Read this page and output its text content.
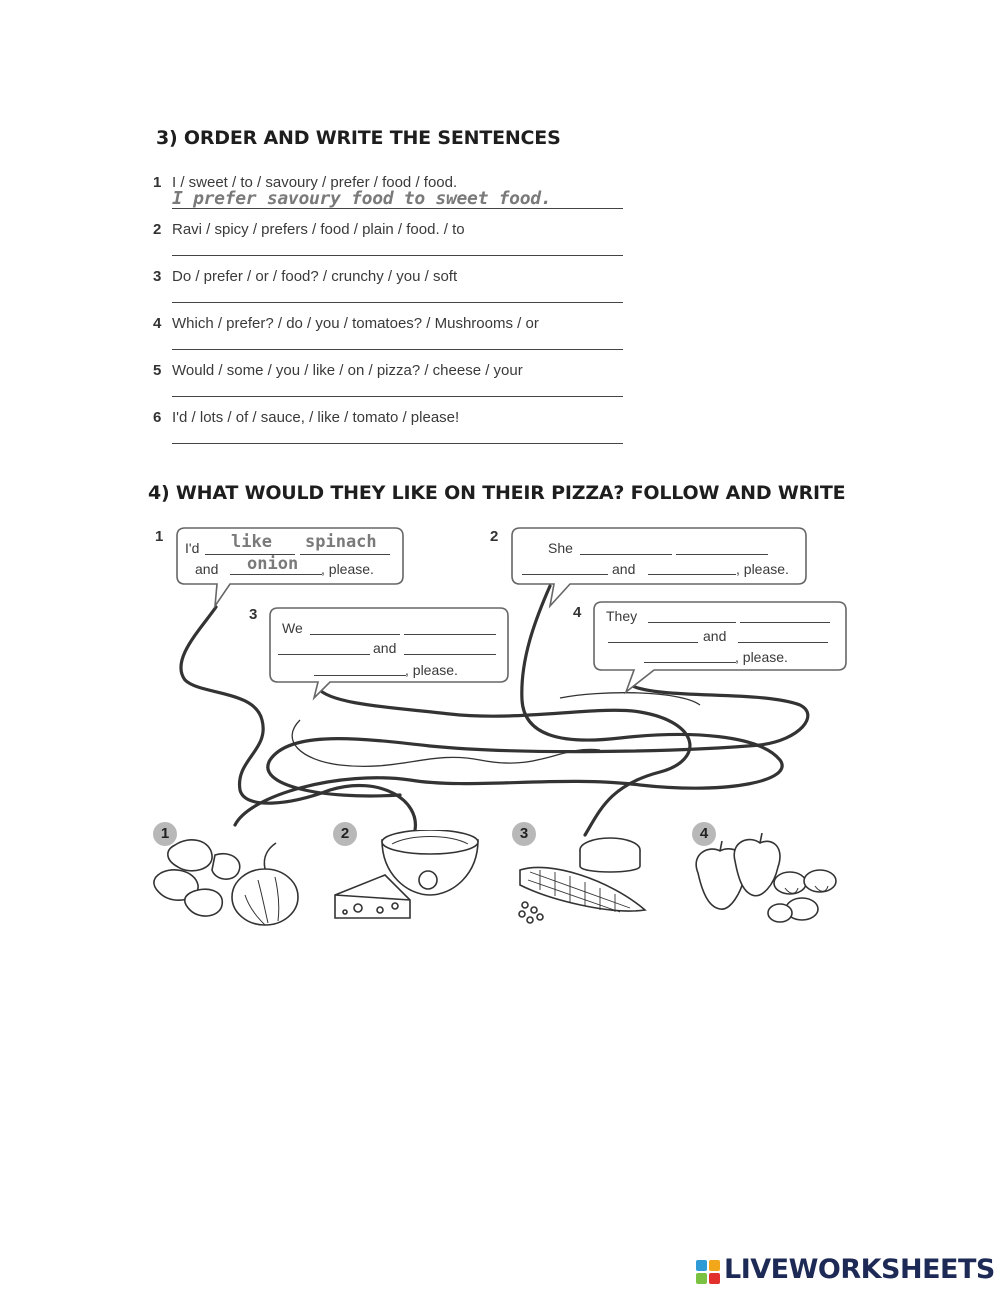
3) ORDER AND WRITE THE SENTENCES
1 I / sweet / to / savoury / prefer / food / food.
I prefer savoury food to sweet food.
2 Ravi / spicy / prefers / food / plain / food. / to
3 Do / prefer / or / food? / crunchy / you / soft
4 Which / prefer? / do / you / tomatoes? / Mushrooms / or
5 Would / some / you / like / on / pizza? / cheese / your
6 I'd / lots / of / sauce, / like / tomato / please!
4) WHAT WOULD THEY LIKE ON THEIR PIZZA? FOLLOW AND WRITE
I'd like spinach
and onion , please.
1
She
and	, please.
2
We
and
, please.
3	They
and
, please.
4
1	2	3	4
LIVEWORKSHEETS
